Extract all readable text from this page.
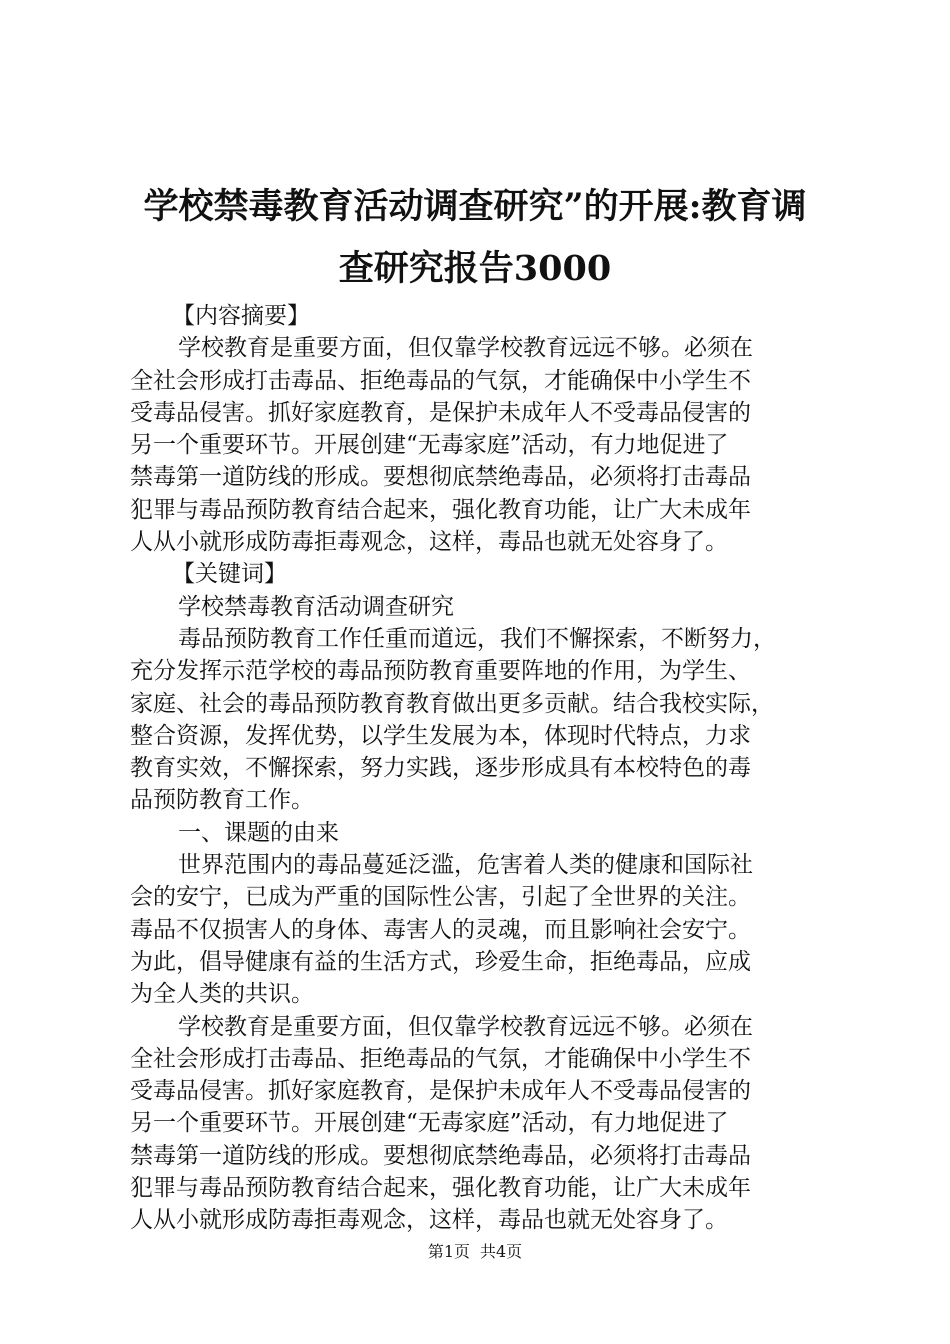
学校禁毒教育活动调查研究”的开展:教育调
查研究报告3000
【内容摘要】
学校教育是重要方面，但仅靠学校教育远远不够。必须在
全社会形成打击毒品、拒绝毒品的气氛，才能确保中小学生不
受毒品侵害。抓好家庭教育，是保护未成年人不受毒品侵害的
另一个重要环节。开展创建“无毒家庭”活动，有力地促进了
禁毒第一道防线的形成。要想彻底禁绝毒品，必须将打击毒品
犯罪与毒品预防教育结合起来，强化教育功能，让广大未成年
人从小就形成防毒拒毒观念，这样，毒品也就无处容身了。
【关键词】
学校禁毒教育活动调查研究
毒品预防教育工作任重而道远，我们不懈探索，不断努力，
充分发挥示范学校的毒品预防教育重要阵地的作用，为学生、
家庭、社会的毒品预防教育教育做出更多贡献。结合我校实际，
整合资源，发挥优势，以学生发展为本，体现时代特点，力求
教育实效，不懈探索，努力实践，逐步形成具有本校特色的毒
品预防教育工作。
一、课题的由来
世界范围内的毒品蔓延泛滥，危害着人类的健康和国际社
会的安宁，已成为严重的国际性公害，引起了全世界的关注。
毒品不仅损害人的身体、毒害人的灵魂，而且影响社会安宁。
为此，倡导健康有益的生活方式，珍爱生命，拒绝毒品，应成
为全人类的共识。
学校教育是重要方面，但仅靠学校教育远远不够。必须在
全社会形成打击毒品、拒绝毒品的气氛，才能确保中小学生不
受毒品侵害。抓好家庭教育，是保护未成年人不受毒品侵害的
另一个重要环节。开展创建“无毒家庭”活动，有力地促进了
禁毒第一道防线的形成。要想彻底禁绝毒品，必须将打击毒品
犯罪与毒品预防教育结合起来，强化教育功能，让广大未成年
人从小就形成防毒拒毒观念，这样，毒品也就无处容身了。
第1页 共4页
